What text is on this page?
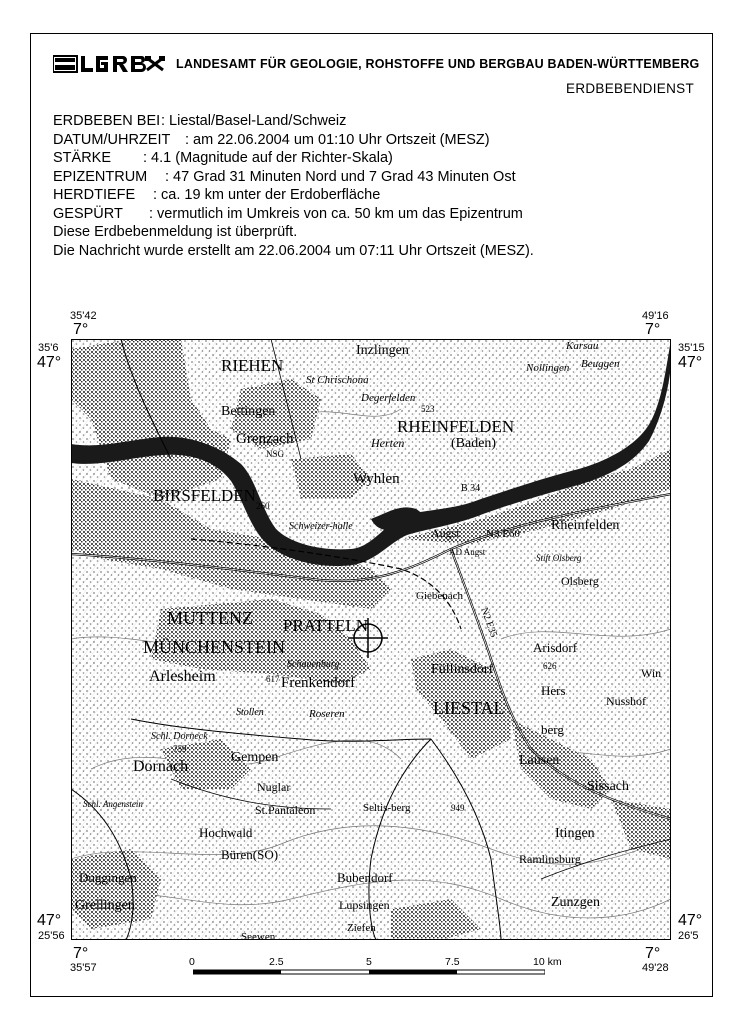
LANDESAMT FÜR GEOLOGIE, ROHSTOFFE UND BERGBAU BADEN-WÜRTTEMBERG
ERDBEBENDIENST
ERDBEBEN BEI: Liestal/Basel-Land/Schweiz
DATUM/UHRZEIT : am 22.06.2004 um 01:10 Uhr Ortszeit (MESZ)
STÄRKE : 4.1 (Magnitude auf der Richter-Skala)
EPIZENTRUM : 47 Grad 31 Minuten Nord und 7 Grad 43 Minuten Ost
HERDTIEFE : ca. 19 km unter der Erdoberfläche
GESPÜRT : vermutlich im Umkreis von ca. 50 km um das Epizentrum
Diese Erdbebenmeldung ist überprüft.
Die Nachricht wurde erstellt am 22.06.2004 um 07:11 Uhr Ortszeit (MESZ).
35'42
7°
49'16
7°
35'6
47°
35'15
47°
47°
25'56
47°
26'5
7°
35'57
7°
49'28
RIEHEN
Inzlingen	Karsau
Nollingen Beuggen
St Chrischona
Bettingen
Degerfelden
523
RHEINFELDEN
(Baden)
Herten
Grenzach
NSG
Wyhlen
B 34
BIRSFELDEN
260
Schweizer-halle	Augst
AD Augst
N3 E60
Rheinfelden
Stift Olsberg
Olsberg
Giebenach
N2 E35
MUTTENZ PRATTELN
MÜNCHENSTEIN	Arisdorf
626
Füllinsdorf
Schauenburg
Arlesheim	617 Frenkendorf	Hers
berg
Nusshof
Win
LIESTAL
Stollen	Roseren
Schl. Dorneck
759
Dornach
Gempen
Nuglar
Lausen
Sissach
St.Pantaleon	Seltis-berg	949
Schl. Angenstein
Hochwald	Itingen
Büren(SO)	Ramlinsburg
Duggingen	Bubendorf
Grellingen	Lupsingen	Zunzgen
Ziefen
Seewen
0	2.5	5	7.5	10 km
